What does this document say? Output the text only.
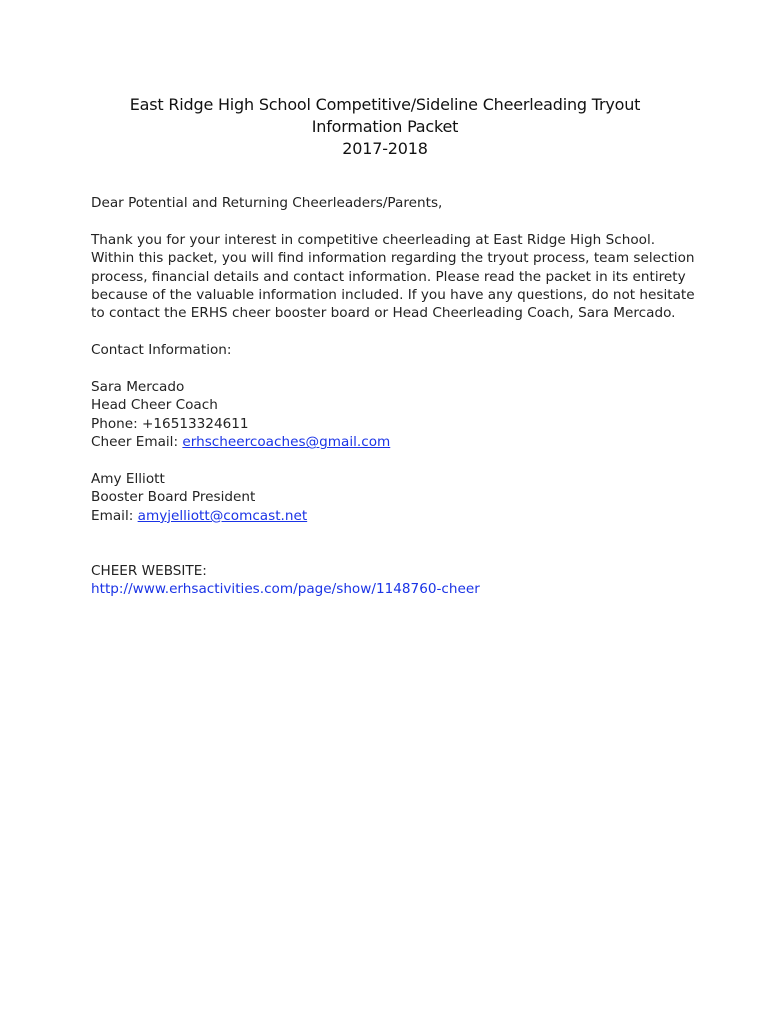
East Ridge High School Competitive/Sideline Cheerleading Tryout
Information Packet
2017-2018

Dear Potential and Returning Cheerleaders/Parents,

Thank you for your interest in competitive cheerleading at East Ridge High School.
Within this packet, you will find information regarding the tryout process, team selection
process, financial details and contact information. Please read the packet in its entirety
because of the valuable information included. If you have any questions, do not hesitate
to contact the ERHS cheer booster board or Head Cheerleading Coach, Sara Mercado.

Contact Information:

Sara Mercado
Head Cheer Coach
Phone: +16513324611
Cheer Email: erhscheercoaches@gmail.com

Amy Elliott
Booster Board President
Email: amyjelliott@comcast.net

CHEER WEBSITE:
http://www.erhsactivities.com/page/show/1148760-cheer
